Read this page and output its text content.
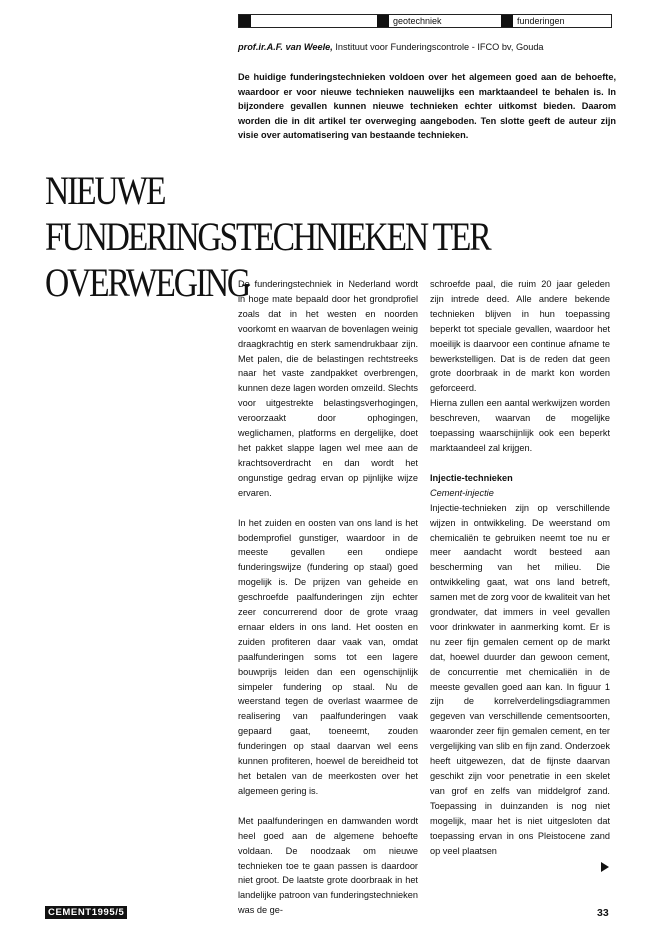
geotechniek	funderingen
prof.ir.A.F. van Weele, Instituut voor Funderingscontrole - IFCO bv, Gouda
De huidige funderingstechnieken voldoen over het algemeen goed aan de behoefte, waardoor er voor nieuwe technieken nauwelijks een marktaandeel te behalen is. In bijzondere gevallen kunnen nieuwe technieken echter uitkomst bieden. Daarom worden die in dit artikel ter overweging aangeboden. Ten slotte geeft de auteur zijn visie over automatisering van bestaande technieken.
NIEUWE FUNDERINGSTECHNIEKEN TER OVERWEGING

De funderingstechniek in Nederland wordt in hoge mate bepaald door het grondprofiel zoals dat in het westen en noorden voorkomt en waarvan de bovenlagen weinig draagkrachtig en sterk samendrukbaar zijn. Met palen, die de belastingen rechtstreeks naar het vaste zandpakket overbrengen, kunnen deze lagen worden omzeild. Slechts voor uitgestrekte belastingsverhogingen, veroorzaakt door ophogingen, weglichamen, platforms en dergelijke, doet het pakket slappe lagen wel mee aan de krachtsoverdracht en dan wordt het ongunstige gedrag ervan op pijnlijke wijze ervaren.

In het zuiden en oosten van ons land is het bodemprofiel gunstiger, waardoor in de meeste gevallen een ondiepe funderingswijze (fundering op staal) goed mogelijk is. De prijzen van geheide en geschroefde paalfunderingen zijn echter zeer concurrerend door de grote vraag ernaar elders in ons land. Het oosten en zuiden profiteren daar vaak van, omdat paalfunderingen soms tot een lagere bouwprijs leiden dan een ogenschijnlijk simpeler fundering op staal. Nu de weerstand tegen de overlast waarmee de realisering van paalfunderingen vaak gepaard gaat, toeneemt, zouden funderingen op staal daarvan wel eens kunnen profiteren, hoewel de bereidheid tot het betalen van de meerkosten over het algemeen gering is.

Met paalfunderingen en damwanden wordt heel goed aan de algemene behoefte voldaan. De noodzaak om nieuwe technieken toe te gaan passen is daardoor niet groot. De laatste grote doorbraak in het landelijke patroon van funderingstechnieken was de ge-

schroefde paal, die ruim 20 jaar geleden zijn intrede deed. Alle andere bekende technieken blijven in hun toepassing beperkt tot speciale gevallen, waardoor het moeilijk is daarvoor een continue afname te bewerkstelligen. Dat is de reden dat geen grote doorbraak in de markt kon worden geforceerd.

Hierna zullen een aantal werkwijzen worden beschreven, waarvan de mogelijke toepassing waarschijnlijk ook een beperkt marktaandeel zal krijgen.

Injectie-technieken

Cement-injectie

Injectie-technieken zijn op verschillende wijzen in ontwikkeling. De weerstand om chemicaliën te gebruiken neemt toe nu er meer aandacht wordt besteed aan bescherming van het milieu. Die ontwikkeling gaat, wat ons land betreft, samen met de zorg voor de kwaliteit van het grondwater, dat immers in veel gevallen voor drinkwater in aanmerking komt. Er is nu zeer fijn gemalen cement op de markt dat, hoewel duurder dan gewoon cement, de concurrentie met chemicaliën in de meeste gevallen goed aan kan. In figuur 1 zijn de korrelverdelingsdiagrammen gegeven van verschillende cementsoorten, waaronder zeer fijn gemalen cement, en ter vergelijking van slib en fijn zand. Onderzoek heeft uitgewezen, dat de fijnste daarvan geschikt zijn voor penetratie in een skelet van grof en zelfs van middelgrof zand. Toepassing in duinzanden is nog niet mogelijk, maar het is niet uitgesloten dat toepassing ervan in ons Pleistocene zand op veel plaatsen

CEMENT1995/5	33
